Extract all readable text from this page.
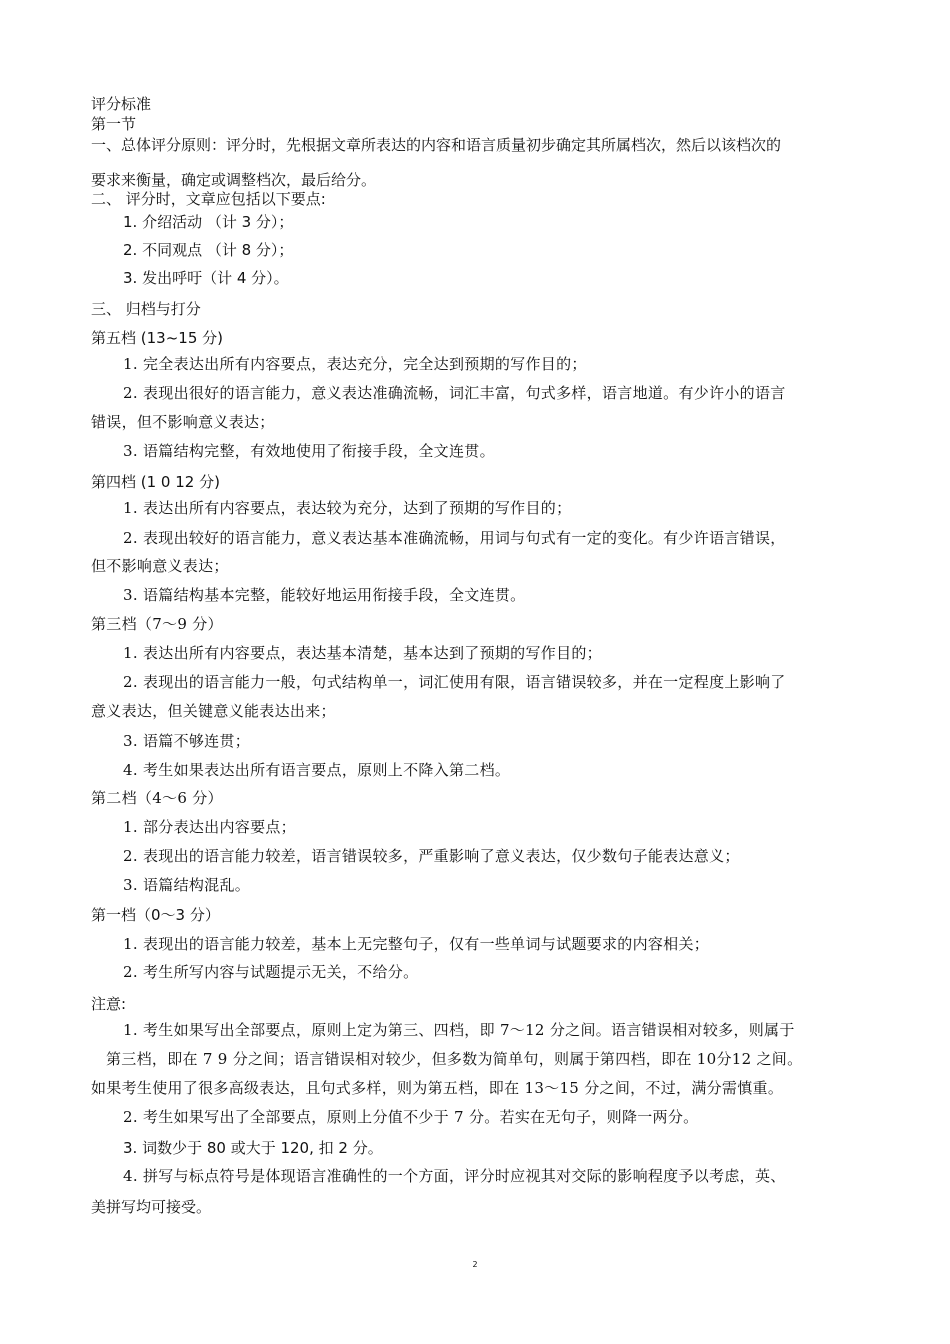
评分标准
第一节
一、总体评分原则：评分时，先根据文章所表达的内容和语言质量初步确定其所属档次，然后以该档次的
要求来衡量，确定或调整档次，最后给分。
二、 评分时，文章应包括以下要点:
1. 介绍活动 （计 3 分）；
2. 不同观点 （计 8 分）；
3. 发出呼吁（计 4 分）。
三、 归档与打分
第五档 (13~15 分)
1. 完全表达出所有内容要点，表达充分，完全达到预期的写作目的；
2. 表现出很好的语言能力，意义表达准确流畅，词汇丰富，句式多样，语言地道。有少许小的语言
错误，但不影响意义表达；
3. 语篇结构完整，有效地使用了衔接手段，全文连贯。
第四档 (1 0 12 分)
1. 表达出所有内容要点，表达较为充分，达到了预期的写作目的；
2. 表现出较好的语言能力，意义表达基本准确流畅，用词与句式有一定的变化。有少许语言错误，
但不影响意义表达；
3. 语篇结构基本完整，能较好地运用衔接手段，全文连贯。
第三档（7～9 分）
1. 表达出所有内容要点，表达基本清楚，基本达到了预期的写作目的；
2. 表现出的语言能力一般，句式结构单一，词汇使用有限，语言错误较多，并在一定程度上影响了
意义表达，但关键意义能表达出来；
3. 语篇不够连贯；
4. 考生如果表达出所有语言要点，原则上不降入第二档。
第二档（4～6 分）
1. 部分表达出内容要点；
2. 表现出的语言能力较差，语言错误较多，严重影响了意义表达，仅少数句子能表达意义；
3. 语篇结构混乱。
第一档（0～3 分）
1. 表现出的语言能力较差，基本上无完整句子，仅有一些单词与试题要求的内容相关；
2. 考生所写内容与试题提示无关，不给分。
注意:
1. 考生如果写出全部要点，原则上定为第三、四档，即 7～12 分之间。语言错误相对较多，则属于
第三档，即在 7 9 分之间；语言错误相对较少，但多数为简单句，则属于第四档，即在 10分12 之间。
如果考生使用了很多高级表达，且句式多样，则为第五档，即在 13～15 分之间，不过，满分需慎重。
2. 考生如果写出了全部要点，原则上分值不少于 7 分。若实在无句子，则降一两分。
3. 词数少于 80 或大于 120, 扣 2 分。
4. 拼写与标点符号是体现语言准确性的一个方面，评分时应视其对交际的影响程度予以考虑，英、
美拼写均可接受。
2
